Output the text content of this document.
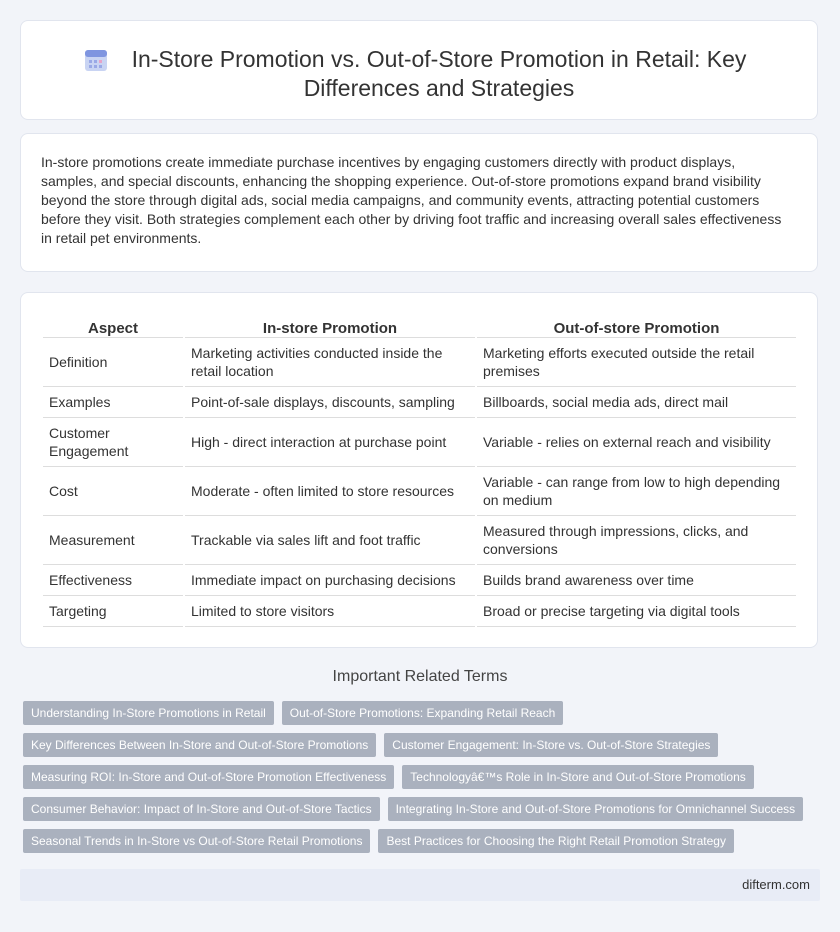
In-Store Promotion vs. Out-of-Store Promotion in Retail: Key Differences and Strategies

In-store promotions create immediate purchase incentives by engaging customers directly with product displays, samples, and special discounts, enhancing the shopping experience. Out-of-store promotions expand brand visibility beyond the store through digital ads, social media campaigns, and community events, attracting potential customers before they visit. Both strategies complement each other by driving foot traffic and increasing overall sales effectiveness in retail pet environments.

Aspect	In-store Promotion	Out-of-store Promotion
Definition	Marketing activities conducted inside the retail location	Marketing efforts executed outside the retail premises
Examples	Point-of-sale displays, discounts, sampling	Billboards, social media ads, direct mail
Customer Engagement	High - direct interaction at purchase point	Variable - relies on external reach and visibility
Cost	Moderate - often limited to store resources	Variable - can range from low to high depending on medium
Measurement	Trackable via sales lift and foot traffic	Measured through impressions, clicks, and conversions
Effectiveness	Immediate impact on purchasing decisions	Builds brand awareness over time
Targeting	Limited to store visitors	Broad or precise targeting via digital tools
Important Related Terms
Understanding In-Store Promotions in Retail	Out-of-Store Promotions: Expanding Retail Reach
Key Differences Between In-Store and Out-of-Store Promotions	Customer Engagement: In-Store vs. Out-of-Store Strategies
Measuring ROI: In-Store and Out-of-Store Promotion Effectiveness	Technologyâ€™s Role in In-Store and Out-of-Store Promotions
Consumer Behavior: Impact of In-Store and Out-of-Store Tactics	Integrating In-Store and Out-of-Store Promotions for Omnichannel Success
Seasonal Trends in In-Store vs Out-of-Store Retail Promotions	Best Practices for Choosing the Right Retail Promotion Strategy
difterm.com
